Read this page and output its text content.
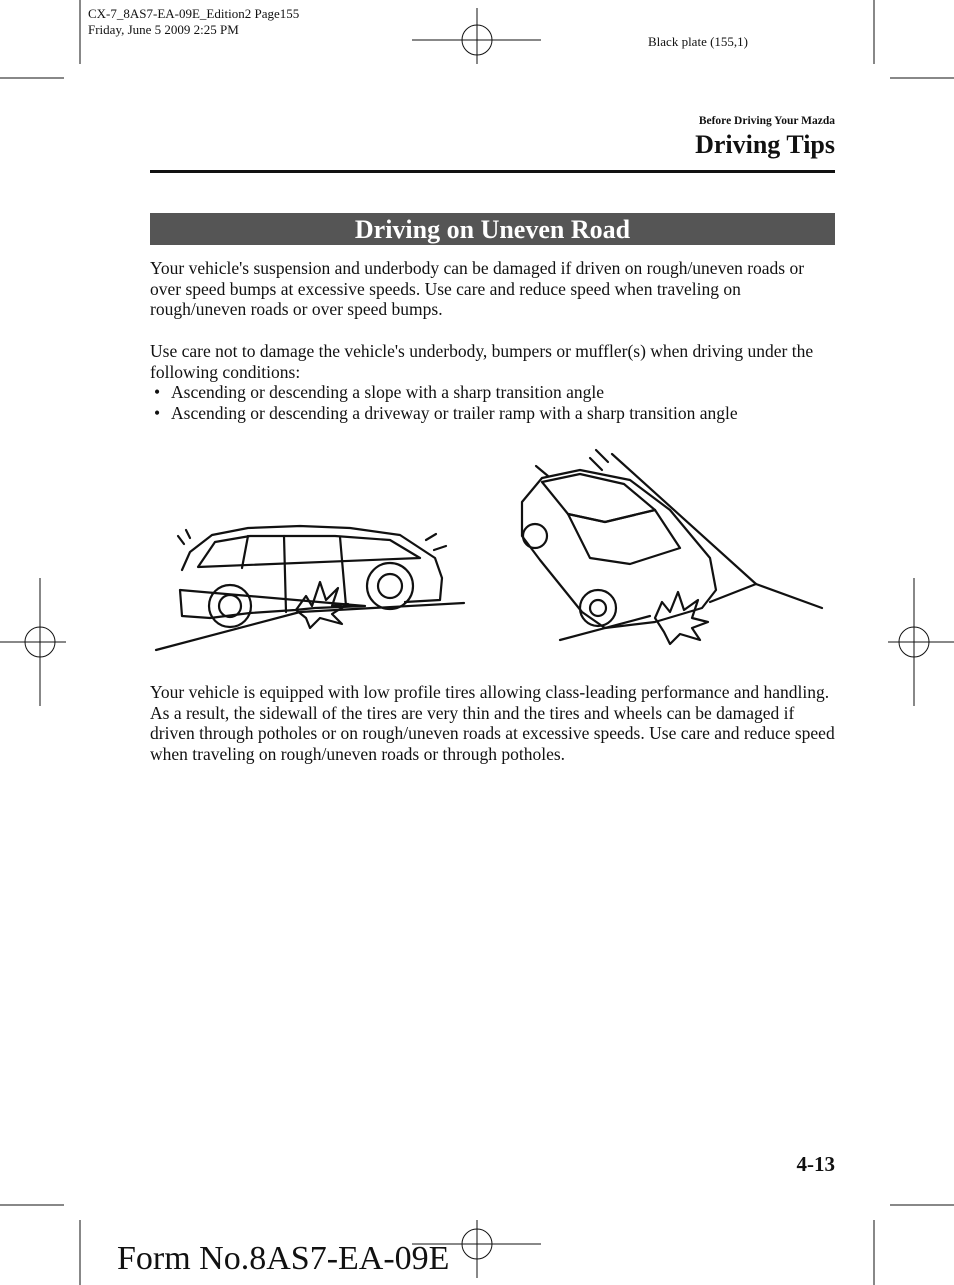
CX-7_8AS7-EA-09E_Edition2 Page155
Friday, June 5 2009 2:25 PM
Black plate (155,1)
Before Driving Your Mazda
Driving Tips
Driving on Uneven Road
Your vehicle's suspension and underbody can be damaged if driven on rough/uneven roads or over speed bumps at excessive speeds. Use care and reduce speed when traveling on rough/uneven roads or over speed bumps.
Use care not to damage the vehicle's underbody, bumpers or muffler(s) when driving under the following conditions:
• Ascending or descending a slope with a sharp transition angle
• Ascending or descending a driveway or trailer ramp with a sharp transition angle
Your vehicle is equipped with low profile tires allowing class-leading performance and handling. As a result, the sidewall of the tires are very thin and the tires and wheels can be damaged if driven through potholes or on rough/uneven roads at excessive speeds. Use care and reduce speed when traveling on rough/uneven roads or through potholes.
4-13
Form No.8AS7-EA-09E
